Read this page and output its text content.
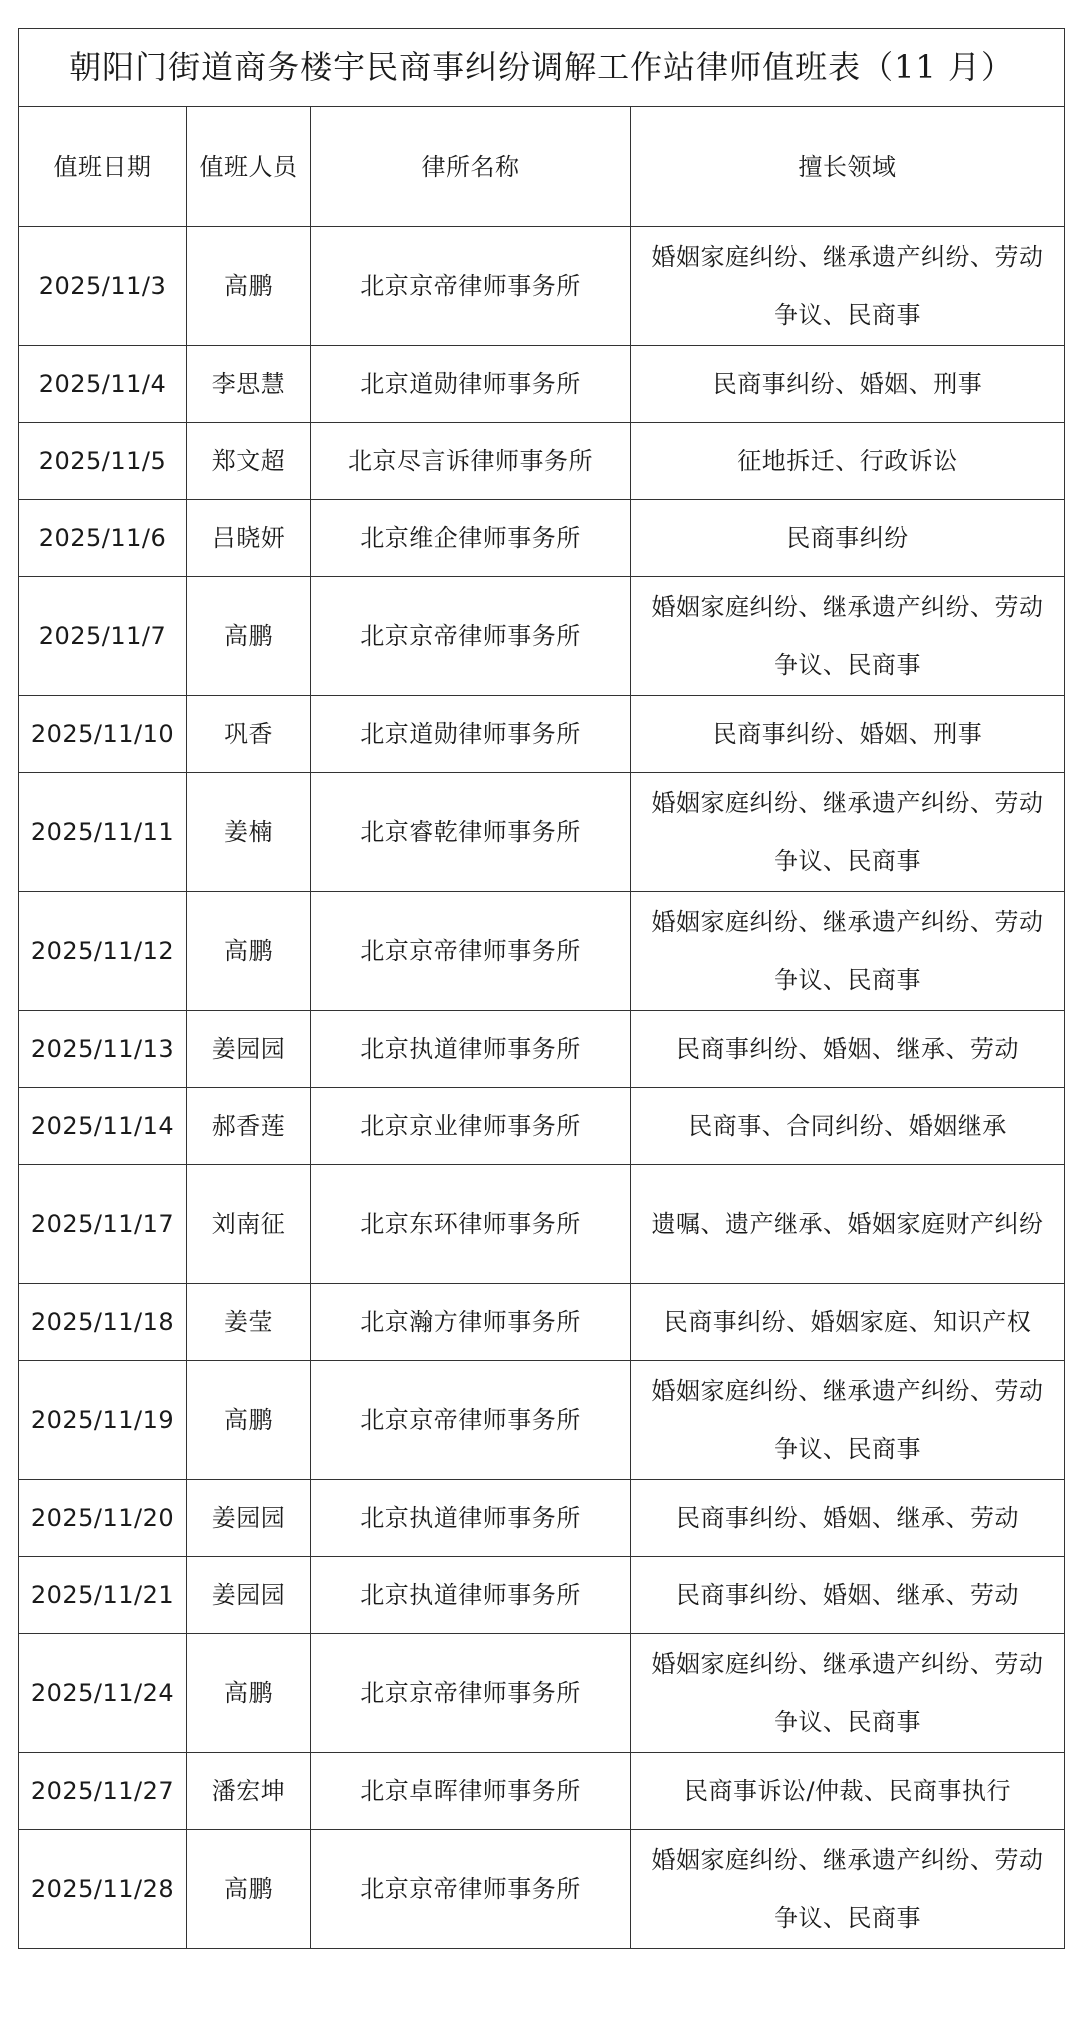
朝阳门街道商务楼宇民商事纠纷调解工作站律师值班表（11 月）			
值班日期	值班人员	律所名称	擅长领域
2025/11/3	高鹏	北京京帝律师事务所	婚姻家庭纠纷、继承遗产纠纷、劳动争议、民商事
2025/11/4	李思慧	北京道勋律师事务所	民商事纠纷、婚姻、刑事
2025/11/5	郑文超	北京尽言诉律师事务所	征地拆迁、行政诉讼
2025/11/6	吕晓妍	北京维企律师事务所	民商事纠纷
2025/11/7	高鹏	北京京帝律师事务所	婚姻家庭纠纷、继承遗产纠纷、劳动争议、民商事
2025/11/10	巩香	北京道勋律师事务所	民商事纠纷、婚姻、刑事
2025/11/11	姜楠	北京睿乾律师事务所	婚姻家庭纠纷、继承遗产纠纷、劳动争议、民商事
2025/11/12	高鹏	北京京帝律师事务所	婚姻家庭纠纷、继承遗产纠纷、劳动争议、民商事
2025/11/13	姜园园	北京执道律师事务所	民商事纠纷、婚姻、继承、劳动
2025/11/14	郝香莲	北京京业律师事务所	民商事、合同纠纷、婚姻继承
2025/11/17	刘南征	北京东环律师事务所	遗嘱、遗产继承、婚姻家庭财产纠纷
2025/11/18	姜莹	北京瀚方律师事务所	民商事纠纷、婚姻家庭、知识产权
2025/11/19	高鹏	北京京帝律师事务所	婚姻家庭纠纷、继承遗产纠纷、劳动争议、民商事
2025/11/20	姜园园	北京执道律师事务所	民商事纠纷、婚姻、继承、劳动
2025/11/21	姜园园	北京执道律师事务所	民商事纠纷、婚姻、继承、劳动
2025/11/24	高鹏	北京京帝律师事务所	婚姻家庭纠纷、继承遗产纠纷、劳动争议、民商事
2025/11/27	潘宏坤	北京卓晖律师事务所	民商事诉讼/仲裁、民商事执行
2025/11/28	高鹏	北京京帝律师事务所	婚姻家庭纠纷、继承遗产纠纷、劳动争议、民商事
